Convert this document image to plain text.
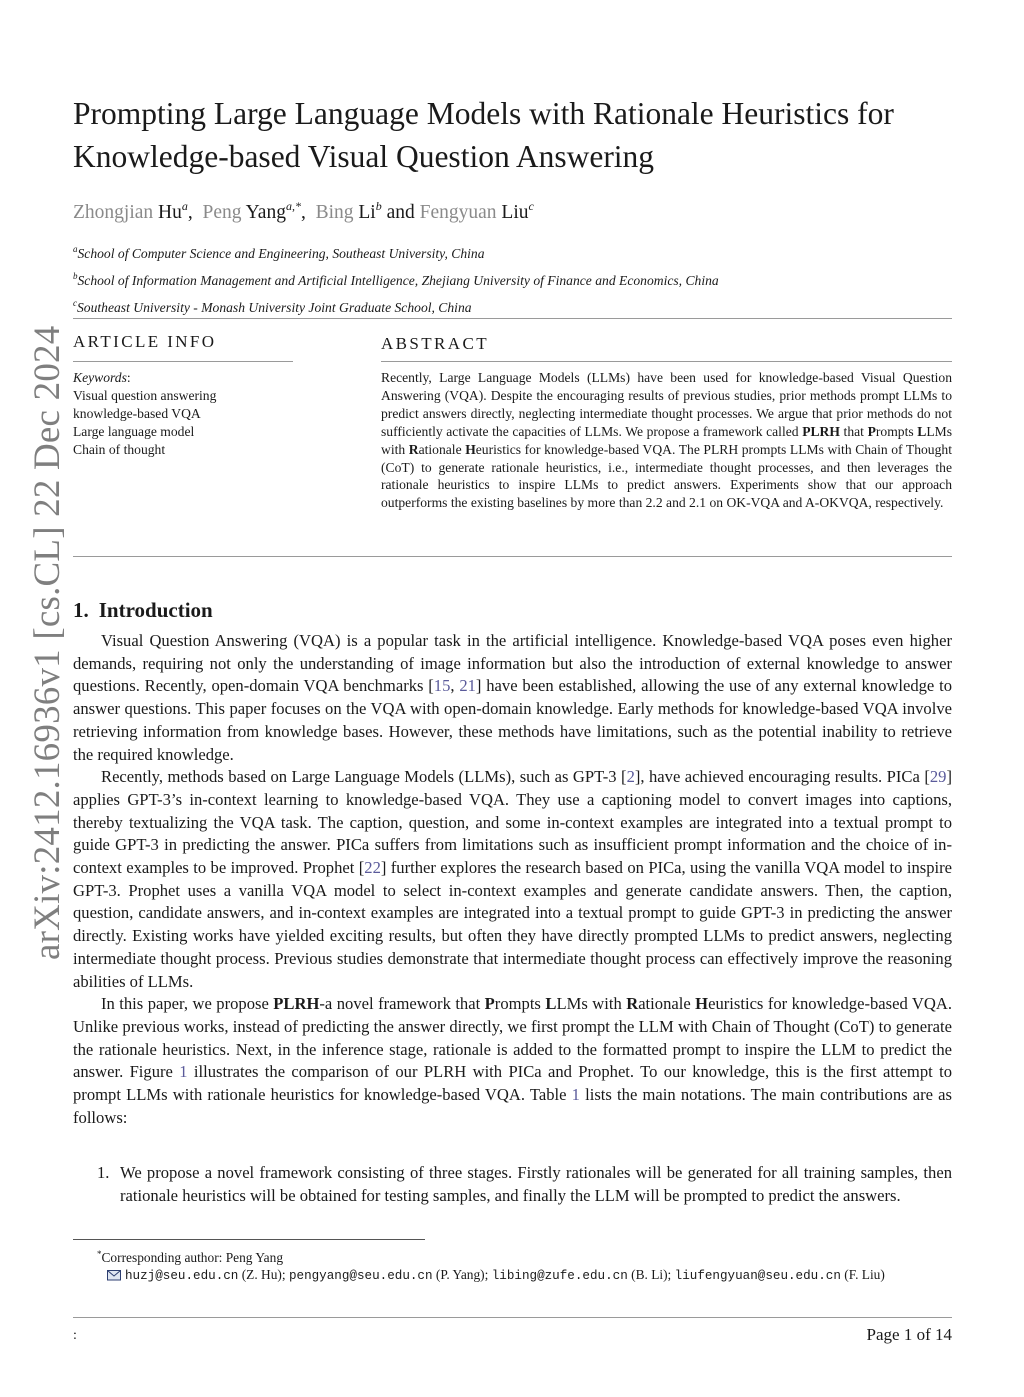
arXiv:2412.16936v1 [cs.CL] 22 Dec 2024
Prompting Large Language Models with Rationale Heuristics for
Knowledge-based Visual Question Answering
Zhongjian Hu$^a$,  Peng Yang$^{a,*}$,  Bing Li$^b$ and Fengyuan Liu$^c$
$^a$School of Computer Science and Engineering, Southeast University, China
$^b$School of Information Management and Artificial Intelligence, Zhejiang University of Finance and Economics, China
$^c$Southeast University - Monash University Joint Graduate School, China
ARTICLE INFO
Keywords:
Visual question answering
knowledge-based VQA
Large language model
Chain of thought
ABSTRACT
Recently, Large Language Models (LLMs) have been used for knowledge-based Visual Question Answering (VQA). Despite the encouraging results of previous studies, prior methods prompt LLMs to predict answers directly, neglecting intermediate thought processes. We argue that prior methods do not sufficiently activate the capacities of LLMs. We propose a framework called PLRH that Prompts LLMs with Rationale Heuristics for knowledge-based VQA. The PLRH prompts LLMs with Chain of Thought (CoT) to generate rationale heuristics, i.e., intermediate thought processes, and then leverages the rationale heuristics to inspire LLMs to predict answers. Experiments show that our approach outperforms the existing baselines by more than 2.2 and 2.1 on OK-VQA and A-OKVQA, respectively.
1. Introduction

Visual Question Answering (VQA) is a popular task in the artificial intelligence. Knowledge-based VQA poses even higher demands, requiring not only the understanding of image information but also the introduction of external knowledge to answer questions. Recently, open-domain VQA benchmarks [15, 21] have been established, allowing the use of any external knowledge to answer questions. This paper focuses on the VQA with open-domain knowledge. Early methods for knowledge-based VQA involve retrieving information from knowledge bases. However, these methods have limitations, such as the potential inability to retrieve the required knowledge.

Recently, methods based on Large Language Models (LLMs), such as GPT-3 [2], have achieved encouraging results. PICa [29] applies GPT-3’s in-context learning to knowledge-based VQA. They use a captioning model to convert images into captions, thereby textualizing the VQA task. The caption, question, and some in-context examples are integrated into a textual prompt to guide GPT-3 in predicting the answer. PICa suffers from limitations such as insufficient prompt information and the choice of in-context examples to be improved. Prophet [22] further explores the research based on PICa, using the vanilla VQA model to inspire GPT-3. Prophet uses a vanilla VQA model to select in-context examples and generate candidate answers. Then, the caption, question, candidate answers, and in-context examples are integrated into a textual prompt to guide GPT-3 in predicting the answer directly. Existing works have yielded exciting results, but often they have directly prompted LLMs to predict answers, neglecting intermediate thought process. Previous studies demonstrate that intermediate thought process can effectively improve the reasoning abilities of LLMs.

In this paper, we propose PLRH-a novel framework that Prompts LLMs with Rationale Heuristics for knowledge-based VQA. Unlike previous works, instead of predicting the answer directly, we first prompt the LLM with Chain of Thought (CoT) to generate the rationale heuristics. Next, in the inference stage, rationale is added to the formatted prompt to inspire the LLM to predict the answer. Figure 1 illustrates the comparison of our PLRH with PICa and Prophet. To our knowledge, this is the first attempt to prompt LLMs with rationale heuristics for knowledge-based VQA. Table 1 lists the main notations. The main contributions are as follows:

1. We propose a novel framework consisting of three stages. Firstly rationales will be generated for all training samples, then rationale heuristics will be obtained for testing samples, and finally the LLM will be prompted to predict the answers.
*Corresponding author: Peng Yang
huzj@seu.edu.cn (Z. Hu); pengyang@seu.edu.cn (P. Yang); libing@zufe.edu.cn (B. Li); liufengyuan@seu.edu.cn (F. Liu)
:	Page 1 of 14
